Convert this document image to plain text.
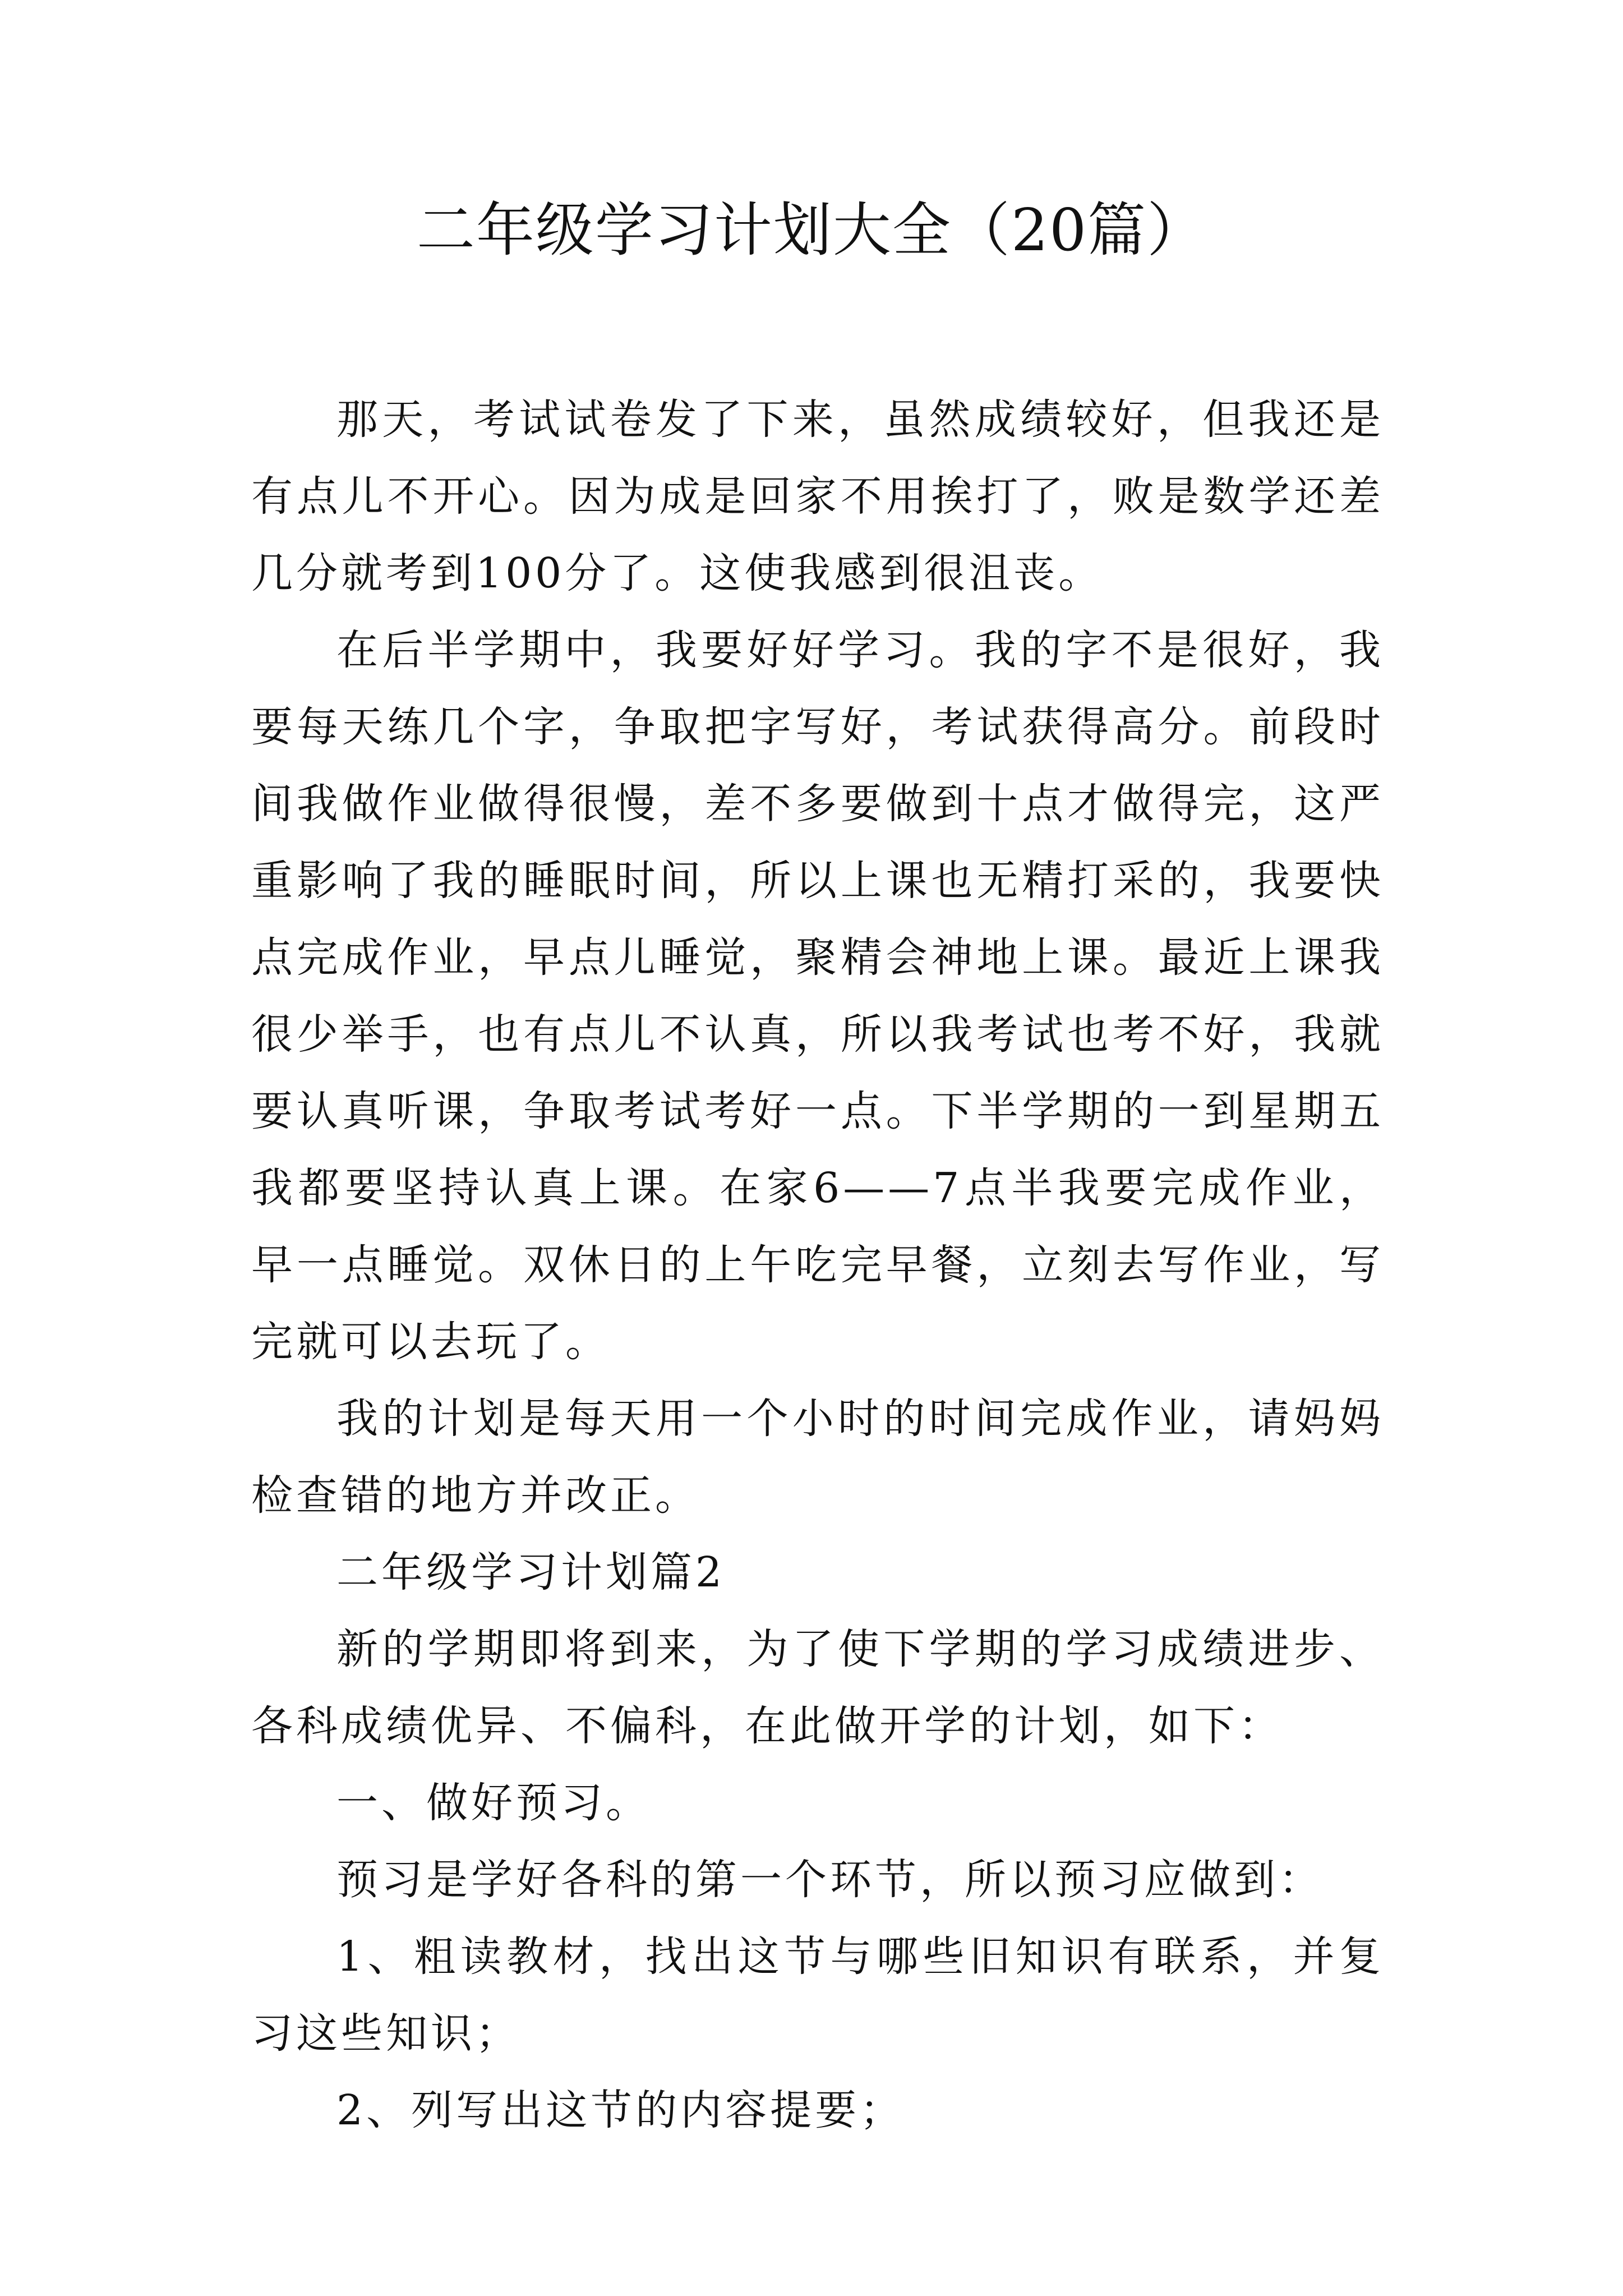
二年级学习计划大全（20篇）

那天，考试试卷发了下来，虽然成绩较好，但我还是有点儿不开心。因为成是回家不用挨打了，败是数学还差几分就考到100分了。这使我感到很沮丧。

在后半学期中，我要好好学习。我的字不是很好，我要每天练几个字，争取把字写好，考试获得高分。前段时间我做作业做得很慢，差不多要做到十点才做得完，这严重影响了我的睡眠时间，所以上课也无精打采的，我要快点完成作业，早点儿睡觉，聚精会神地上课。最近上课我很少举手，也有点儿不认真，所以我考试也考不好，我就要认真听课，争取考试考好一点。下半学期的一到星期五我都要坚持认真上课。在家6——7点半我要完成作业，早一点睡觉。双休日的上午吃完早餐，立刻去写作业，写完就可以去玩了。

我的计划是每天用一个小时的时间完成作业，请妈妈检查错的地方并改正。

二年级学习计划篇2

新的学期即将到来，为了使下学期的学习成绩进步、各科成绩优异、不偏科，在此做开学的计划，如下：

一、做好预习。

预习是学好各科的第一个环节，所以预习应做到：

1、粗读教材，找出这节与哪些旧知识有联系，并复习这些知识；

2、列写出这节的内容提要；
